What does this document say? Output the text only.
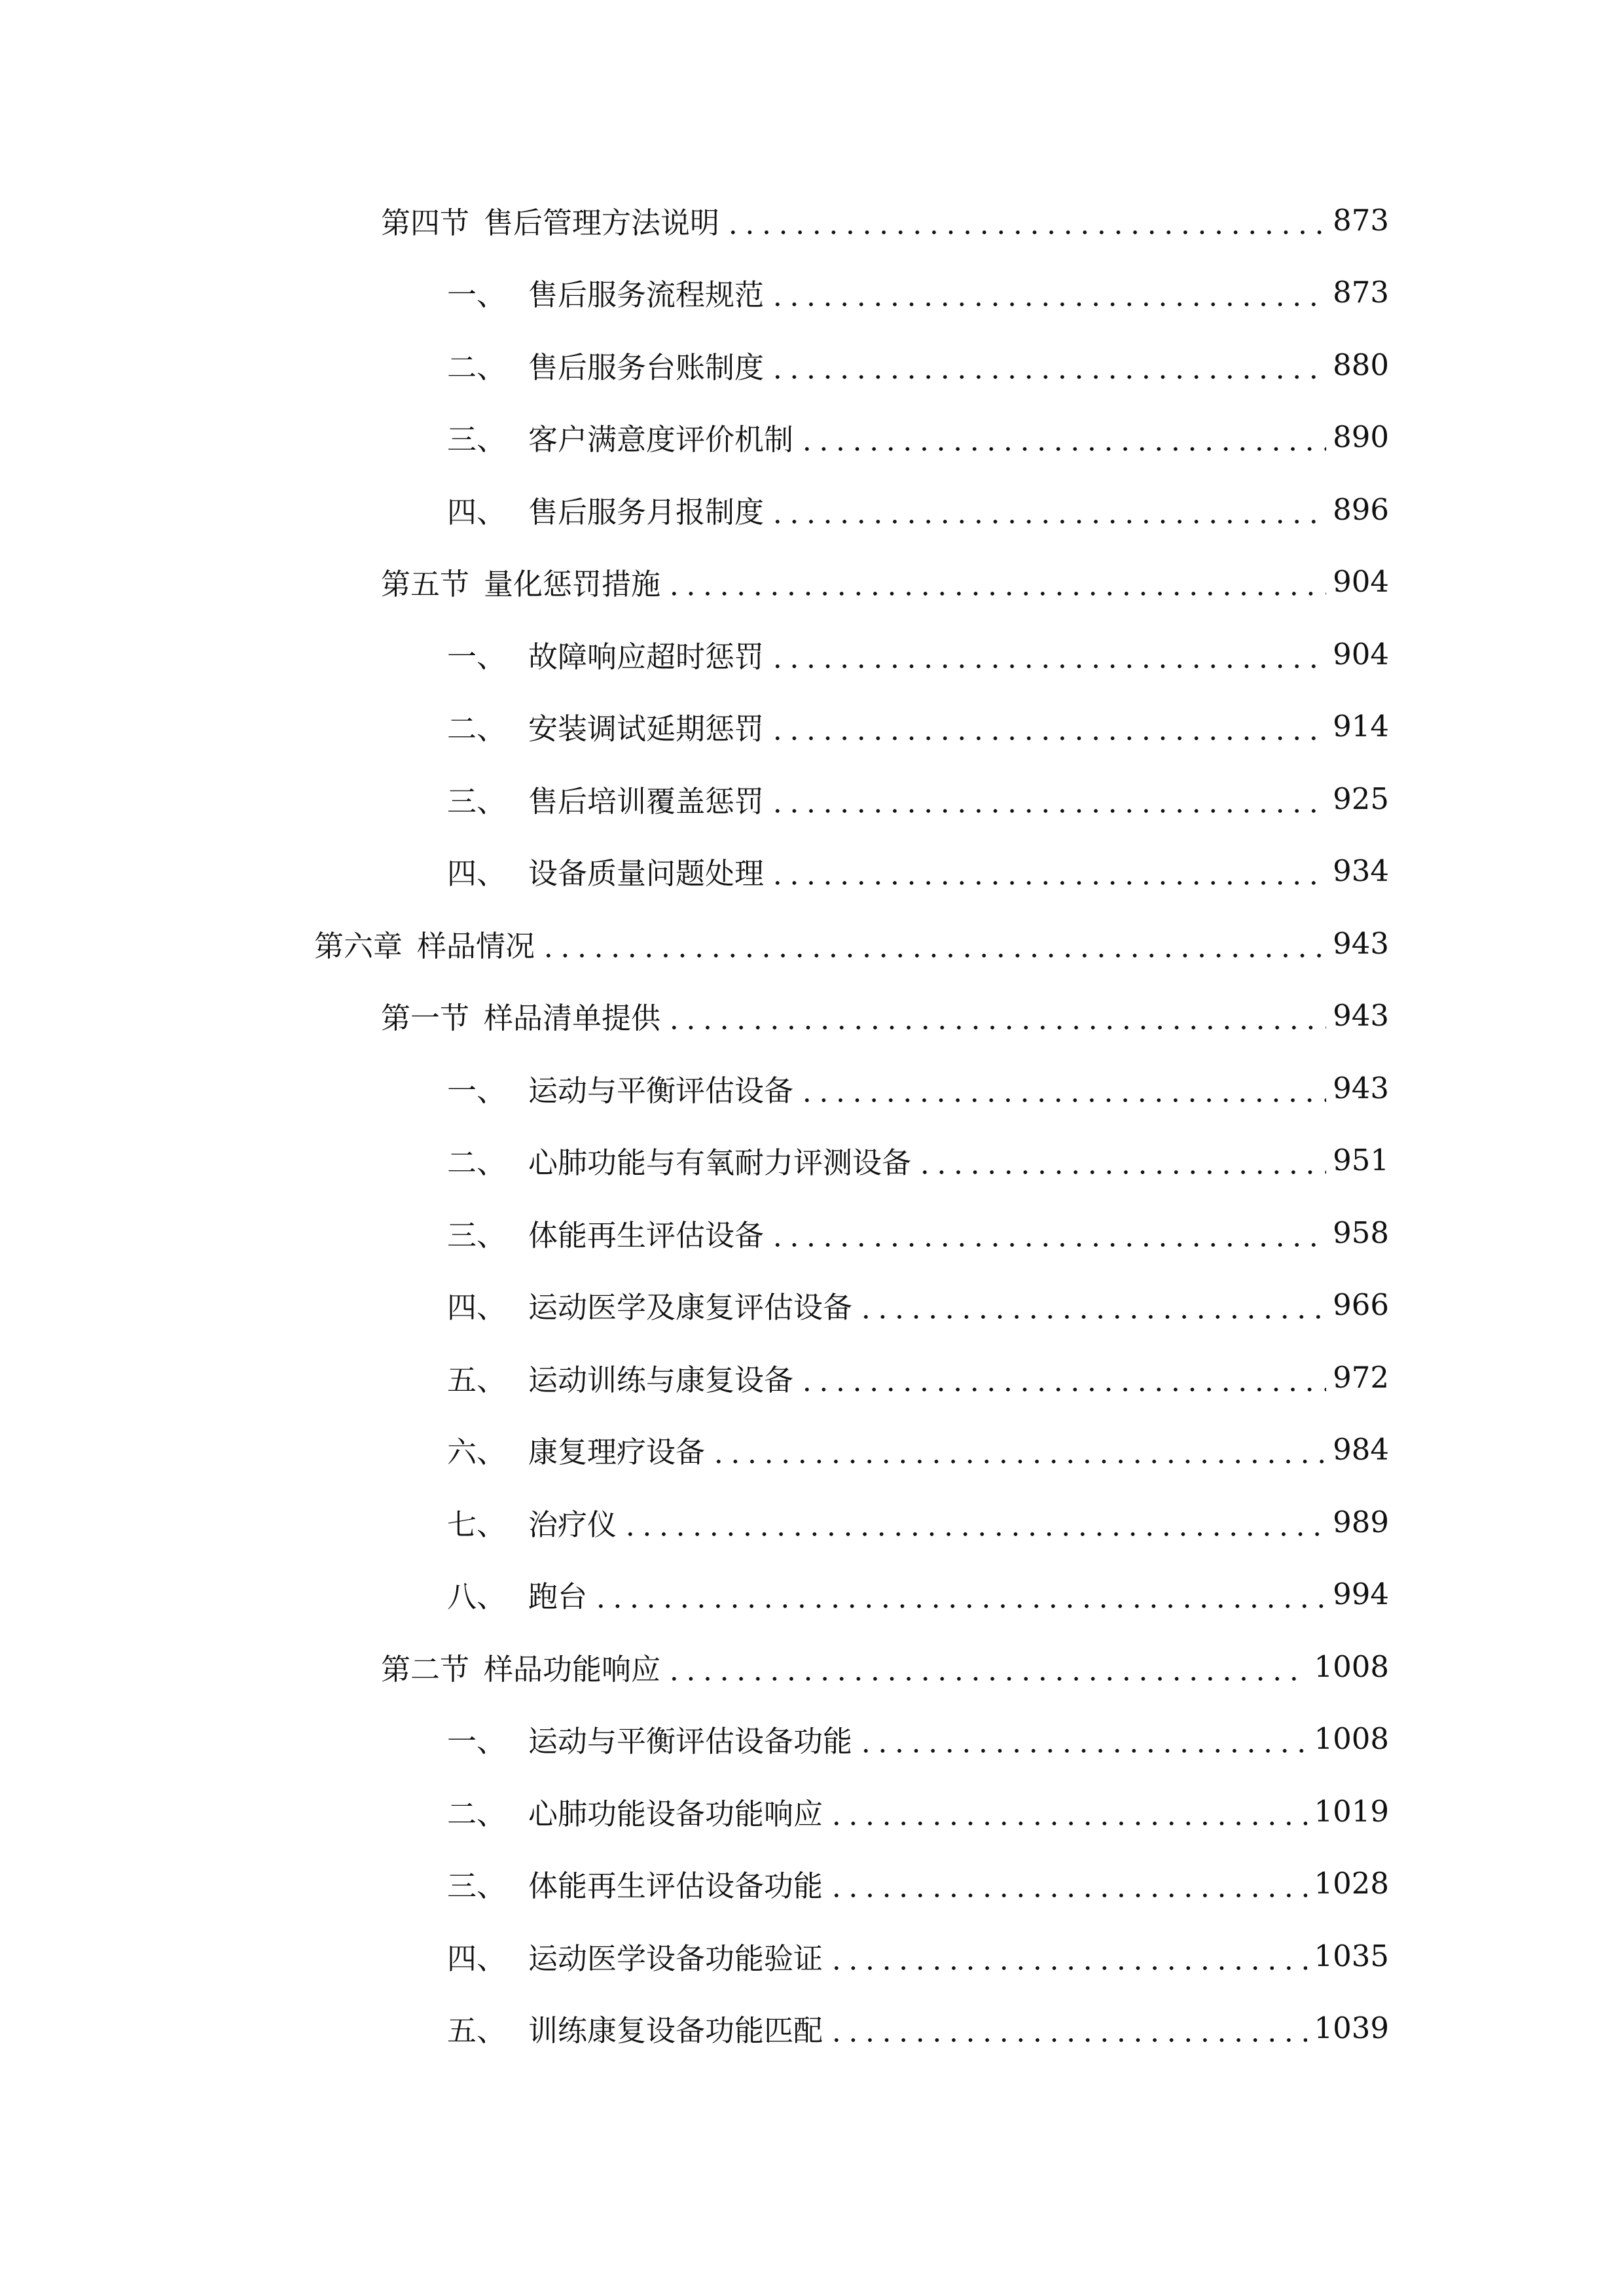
第四节 售后管理方法说明	873
一、 售后服务流程规范	873
二、 售后服务台账制度	880
三、 客户满意度评价机制	890
四、 售后服务月报制度	896
第五节 量化惩罚措施	904
一、 故障响应超时惩罚	904
二、 安装调试延期惩罚	914
三、 售后培训覆盖惩罚	925
四、 设备质量问题处理	934
第六章 样品情况	943
第一节 样品清单提供	943
一、 运动与平衡评估设备	943
二、 心肺功能与有氧耐力评测设备	951
三、 体能再生评估设备	958
四、 运动医学及康复评估设备	966
五、 运动训练与康复设备	972
六、 康复理疗设备	984
七、 治疗仪	989
八、 跑台	994
第二节 样品功能响应	1008
一、 运动与平衡评估设备功能	1008
二、 心肺功能设备功能响应	1019
三、 体能再生评估设备功能	1028
四、 运动医学设备功能验证	1035
五、 训练康复设备功能匹配	1039
